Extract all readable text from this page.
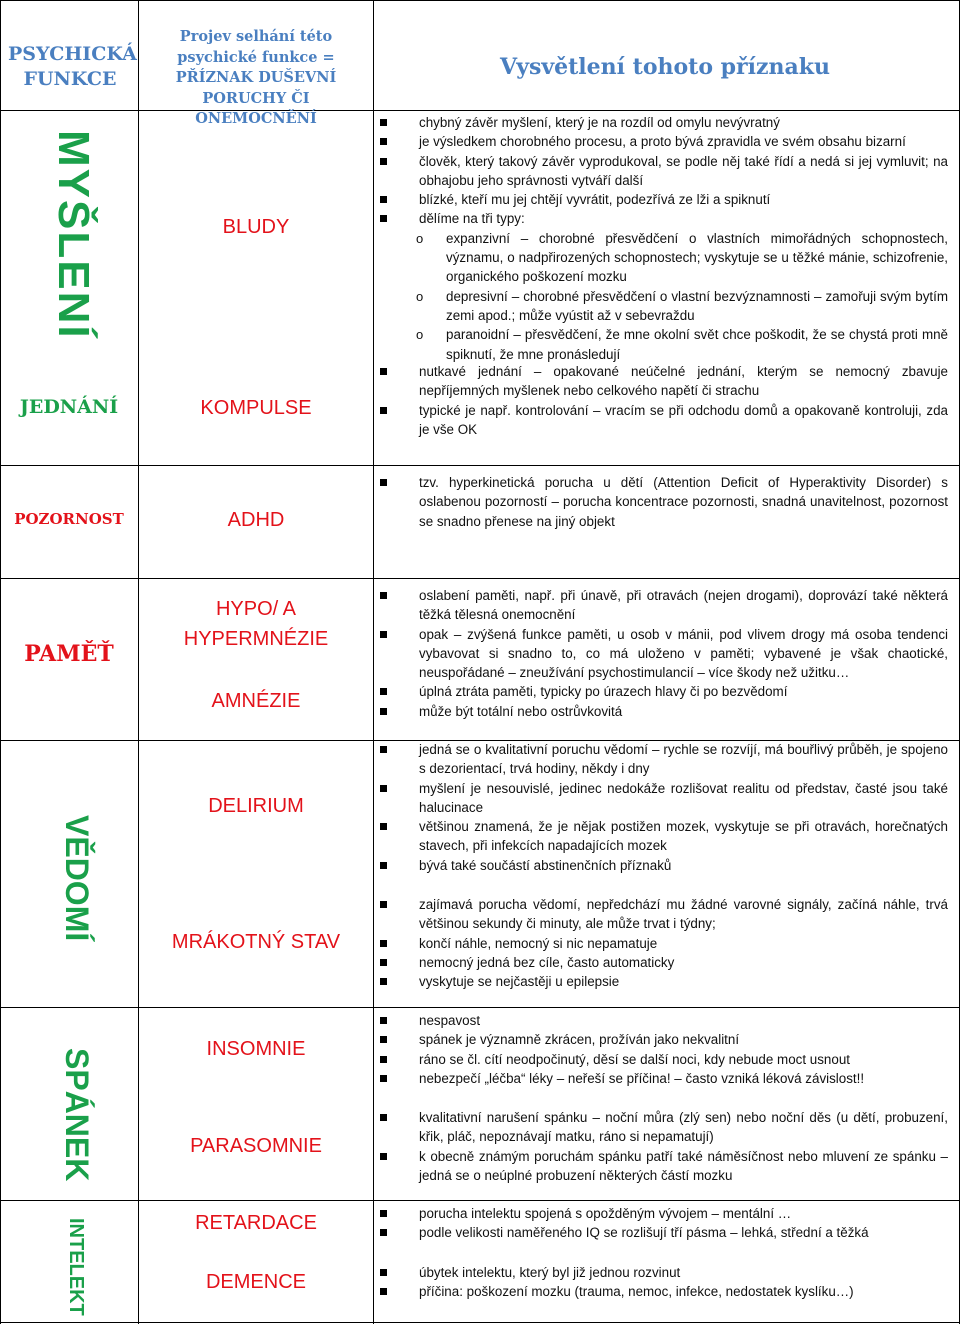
PSYCHICKÁ FUNKCE
Projev selhání této psychické funkce = PŘÍZNAK DUŠEVNÍ PORUCHY ČI ONEMOCNĚNÍ
Vysvětlení tohoto příznaku
MYŠLENÍ
JEDNÁNÍ
POZORNOST
PAMĚŤ
VĚDOMÍ
SPÁNEK
INTELEKT
BLUDY
KOMPULSE
ADHD
HYPO/ A
HYPERMNÉZIE
AMNÉZIE
DELIRIUM
MRÁKOTNÝ STAV
INSOMNIE
PARASOMNIE
RETARDACE
DEMENCE
chybný závěr myšlení, který je na rozdíl od omylu nevývratný
je výsledkem chorobného procesu, a proto bývá zpravidla ve svém obsahu bizarní
člověk, který takový závěr vyprodukoval, se podle něj také řídí a nedá si jej vymluvit; na obhajobu jeho správnosti vytváří další
blízké, kteří mu jej chtějí vyvrátit, podezřívá ze lži a spiknutí
dělíme na tři typy:
o expanzivní – chorobné přesvědčení o vlastních mimořádných schopnostech, významu, o nadpřirozených schopnostech; vyskytuje se u těžké mánie, schizofrenie, organického poškození mozku
o depresivní – chorobné přesvědčení o vlastní bezvýznamnosti – zamořuji svým bytím zemi apod.; může vyústit až v sebevraždu
o paranoidní – přesvědčení, že mne okolní svět chce poškodit, že se chystá proti mně spiknutí, že mne pronásledují
nutkavé jednání – opakované neúčelné jednání, kterým se nemocný zbavuje nepříjemných myšlenek nebo celkového napětí či strachu
typické je např. kontrolování – vracím se při odchodu domů a opakovaně kontroluji, zda je vše OK
tzv. hyperkinetická porucha u dětí (Attention Deficit of Hyperaktivity Disorder) s oslabenou pozorností – porucha koncentrace pozornosti, snadná unavitelnost, pozornost se snadno přenese na jiný objekt
oslabení paměti, např. při únavě, při otravách (nejen drogami), doprovází také některá těžká tělesná onemocnění
opak – zvýšená funkce paměti, u osob v mánii, pod vlivem drogy má osoba tendenci vybavovat si snadno to, co má uloženo v paměti; vybavené je však chaotické, neuspořádané – zneužívání psychostimulancií – více škody než užitku…
úplná ztráta paměti, typicky po úrazech hlavy či po bezvědomí
může být totální nebo ostrůvkovitá
jedná se o kvalitativní poruchu vědomí – rychle se rozvíjí, má bouřlivý průběh, je spojeno s dezorientací, trvá hodiny, někdy i dny
myšlení je nesouvislé, jedinec nedokáže rozlišovat realitu od představ, časté jsou také halucinace
většinou znamená, že je nějak postižen mozek, vyskytuje se při otravách, horečnatých stavech, při infekcích napadajících mozek
bývá také součástí abstinenčních příznaků
zajímavá porucha vědomí, nepředchází mu žádné varovné signály, začíná náhle, trvá většinou sekundy či minuty, ale může trvat i týdny;
končí náhle, nemocný si nic nepamatuje
nemocný jedná bez cíle, často automaticky
vyskytuje se nejčastěji u epilepsie
nespavost
spánek je významně zkrácen, prožíván jako nekvalitní
ráno se čl. cítí neodpočinutý, děsí se další noci, kdy nebude moct usnout
nebezpečí „léčba“ léky – neřeší se příčina! – často vzniká léková závislost!!
kvalitativní narušení spánku – noční můra (zlý sen) nebo noční děs (u dětí, probuzení, křik, pláč, nepoznávají matku, ráno si nepamatují)
k obecně známým poruchám spánku patří také náměsíčnost nebo mluvení ze spánku – jedná se o neúplné probuzení některých částí mozku
porucha intelektu spojená s opožděným vývojem – mentální …
podle velikosti naměřeného IQ se rozlišují tří pásma – lehká, střední a těžká
úbytek intelektu, který byl již jednou rozvinut
příčina: poškození mozku (trauma, nemoc, infekce, nedostatek kyslíku…)
